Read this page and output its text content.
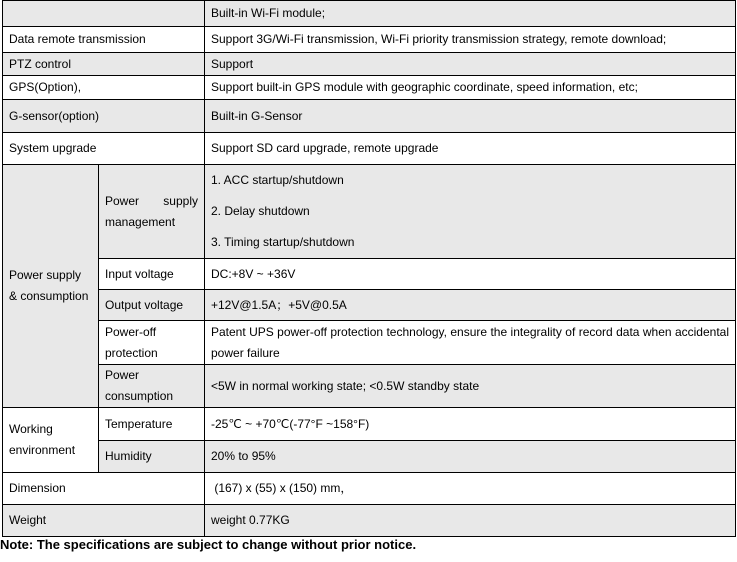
		Built-in Wi-Fi module;
Data remote transmission		Support 3G/Wi-Fi transmission, Wi-Fi priority transmission strategy, remote download;
PTZ control		Support
GPS(Option),		Support built-in GPS module with geographic coordinate, speed information, etc;
G-sensor(option)		Built-in G-Sensor
System upgrade		Support SD card upgrade, remote upgrade

Power supply & consumption	Power supply management	1. ACC startup/shutdown
2. Delay shutdown
3. Timing startup/shutdown

	Input voltage	DC:+8V ~ +36V
	Output voltage	+12V@1.5A；+5V@0.5A

	Power-off protection	Patent UPS power-off protection technology, ensure the integrality of record data when accidental power failure

	Power consumption	<5W in normal working state; <0.5W standby state

Working environment	Temperature	-25℃ ~ +70℃(-77°F ~158°F)
	Humidity	20% to 95%
Dimension		(167) x (55) x (150) mm，
Weight		weight 0.77KG
Note: The specifications are subject to change without prior notice.
